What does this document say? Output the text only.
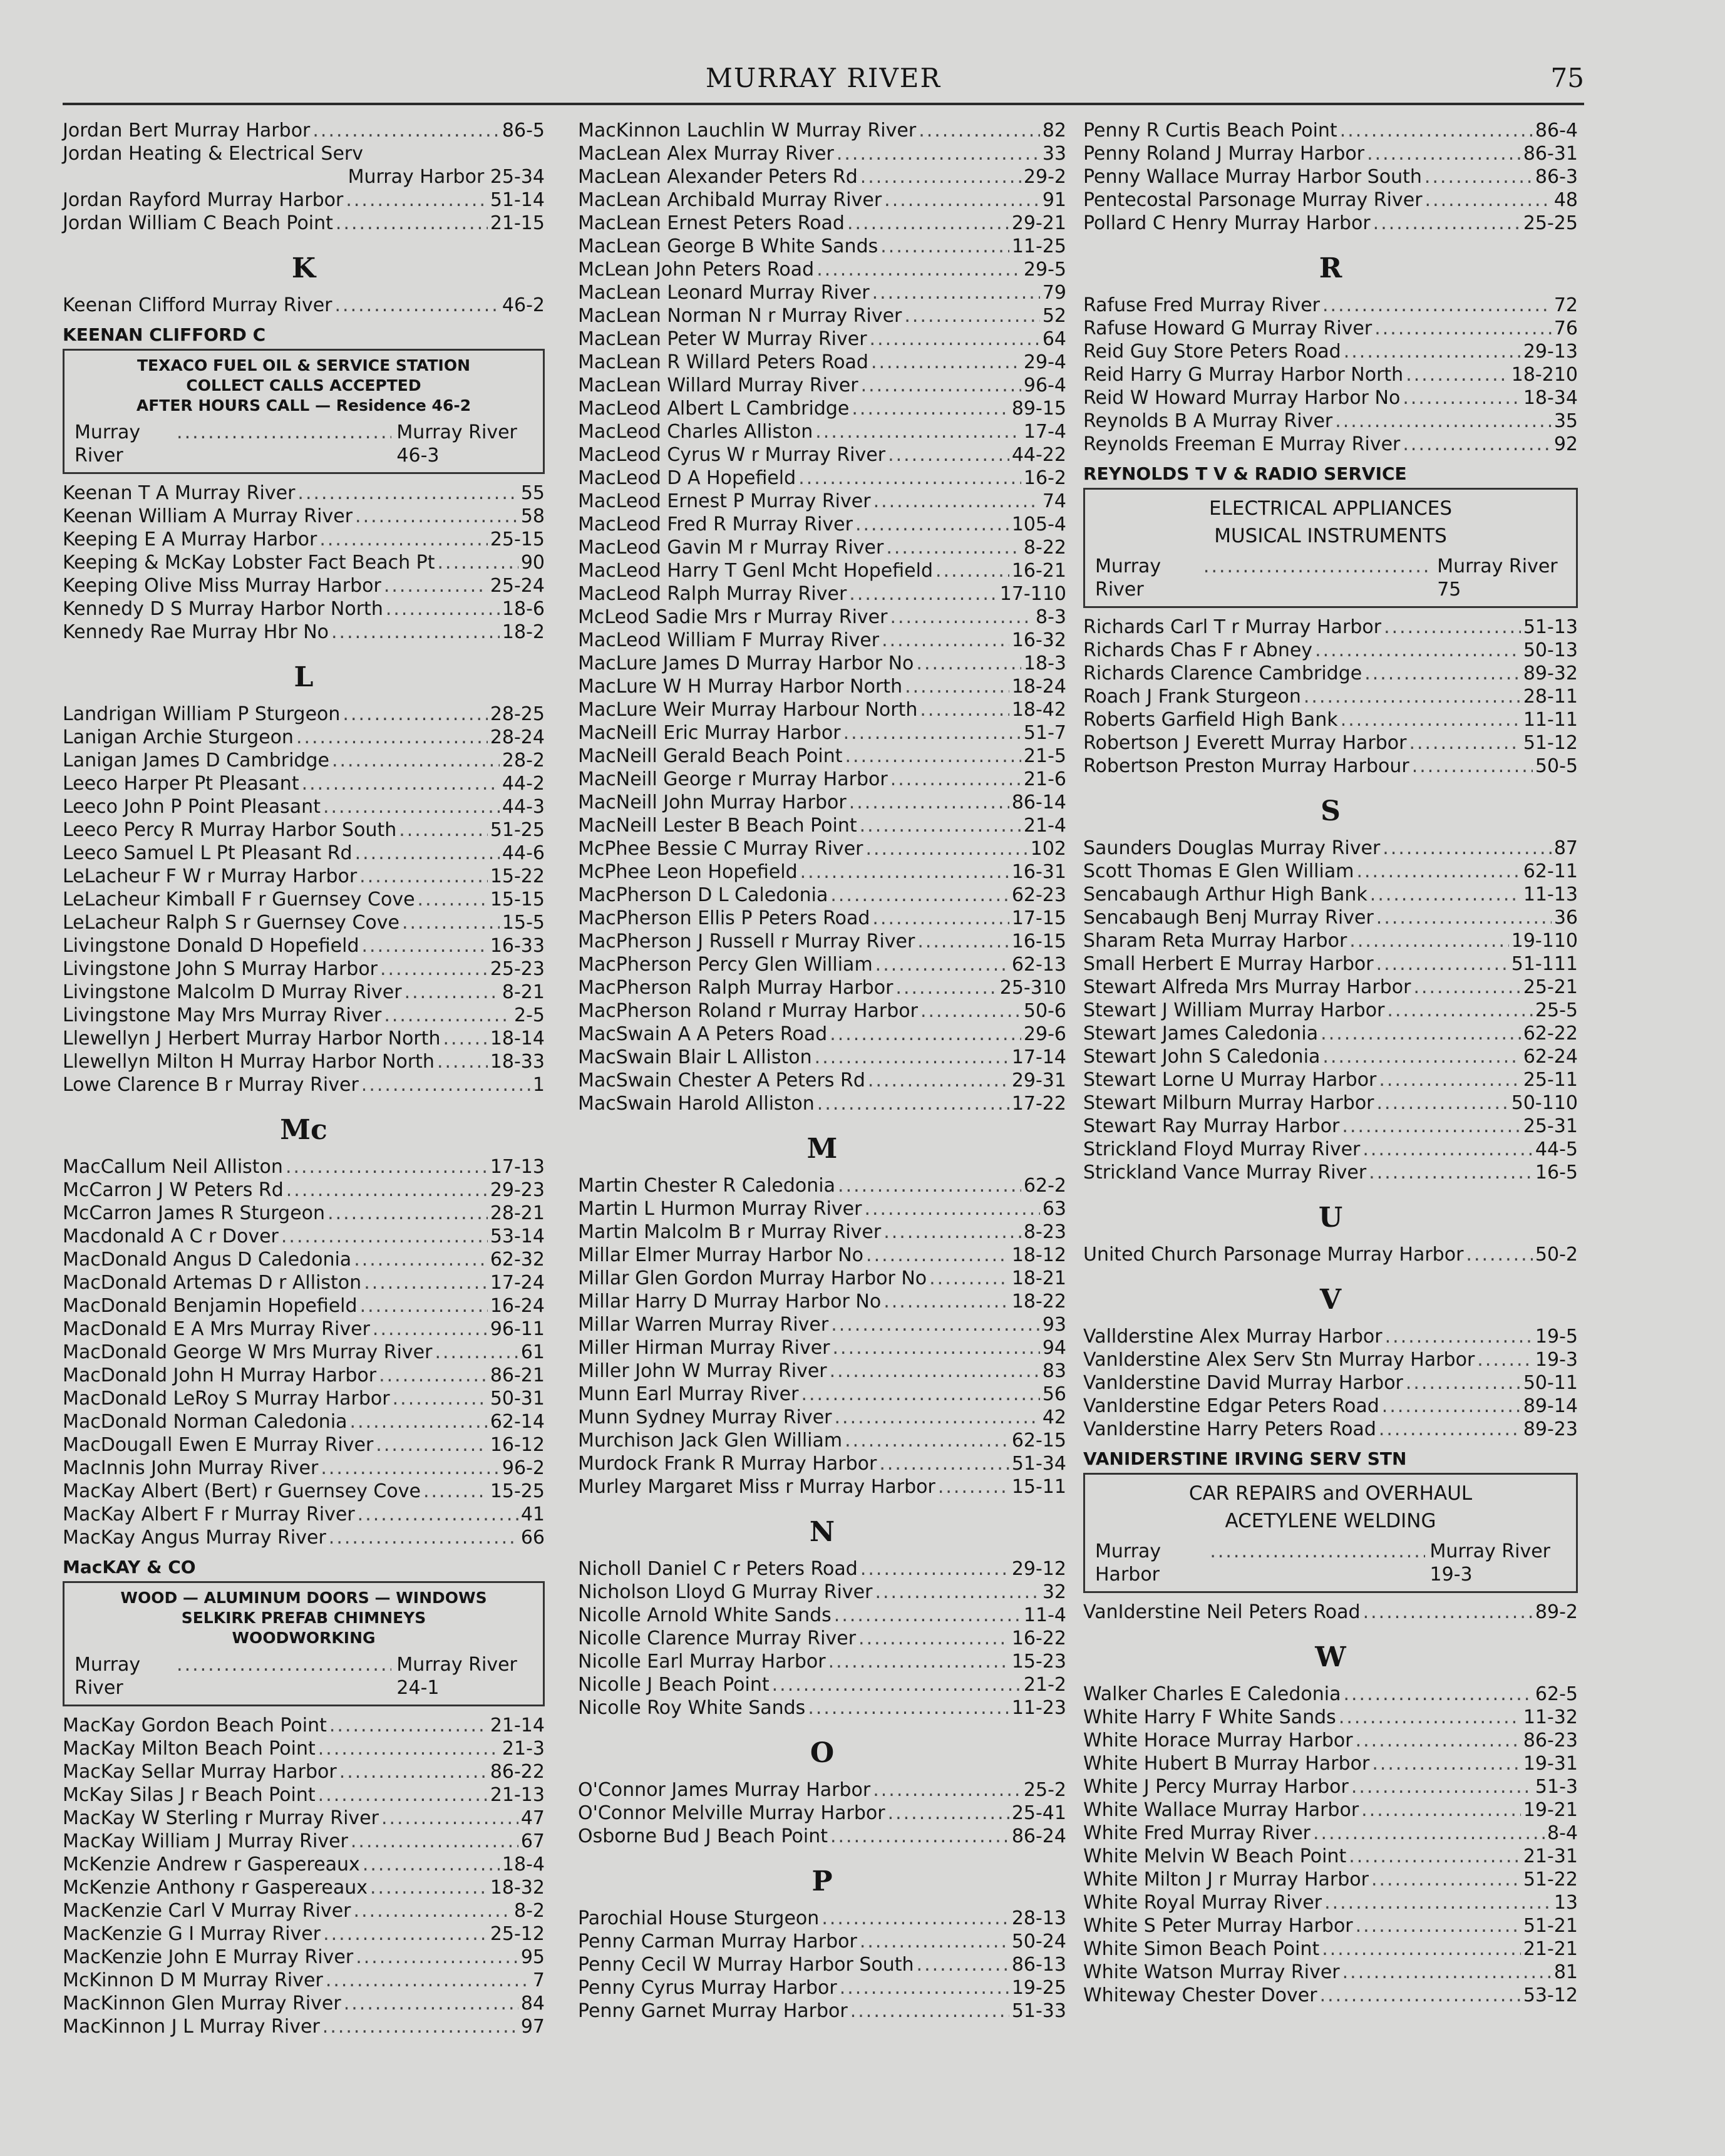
MURRAY RIVER	75
Jordan Bert Murray Harbor .....	86-5
Jordan Heating & Electrical Serv
Murray Harbor 25-34
Jordan Rayford Murray Harbor .....	51-14
Jordan William C Beach Point .....	21-15
K
Keenan Clifford Murray River .....	46-2
KEENAN CLIFFORD C
TEXACO FUEL OIL & SERVICE STATION
COLLECT CALLS ACCEPTED
AFTER HOURS CALL — Residence 46-2
Murray River
.....
Murray River 46-3
Keenan T A Murray River .....	55
Keenan William A Murray River .....	58
Keeping E A Murray Harbor .....	25-15
Keeping & McKay Lobster Fact Beach Pt .....	90
Keeping Olive Miss Murray Harbor .....	25-24
Kennedy D S Murray Harbor North .....	18-6
Kennedy Rae Murray Hbr No .....	18-2
L
Landrigan William P Sturgeon .....	28-25
Lanigan Archie Sturgeon .....	28-24
Lanigan James D Cambridge .....	28-2
Leeco Harper Pt Pleasant .....	44-2
Leeco John P Point Pleasant .....	44-3
Leeco Percy R Murray Harbor South .....	51-25
Leeco Samuel L Pt Pleasant Rd .....	44-6
LeLacheur F W r Murray Harbor .....	15-22
LeLacheur Kimball F r Guernsey Cove .....	15-15
LeLacheur Ralph S r Guernsey Cove .....	15-5
Livingstone Donald D Hopefield .....	16-33
Livingstone John S Murray Harbor .....	25-23
Livingstone Malcolm D Murray River .....	8-21
Livingstone May Mrs Murray River .....	2-5
Llewellyn J Herbert Murray Harbor North .....	18-14
Llewellyn Milton H Murray Harbor North .....	18-33
Lowe Clarence B r Murray River .....	1
Mc
MacCallum Neil Alliston .....	17-13
McCarron J W Peters Rd .....	29-23
McCarron James R Sturgeon .....	28-21
Macdonald A C r Dover .....	53-14
MacDonald Angus D Caledonia .....	62-32
MacDonald Artemas D r Alliston .....	17-24
MacDonald Benjamin Hopefield .....	16-24
MacDonald E A Mrs Murray River .....	96-11
MacDonald George W Mrs Murray River .....	61
MacDonald John H Murray Harbor .....	86-21
MacDonald LeRoy S Murray Harbor .....	50-31
MacDonald Norman Caledonia .....	62-14
MacDougall Ewen E Murray River .....	16-12
MacInnis John Murray River .....	96-2
MacKay Albert (Bert) r Guernsey Cove .....	15-25
MacKay Albert F r Murray River .....	41
MacKay Angus Murray River .....	66
MacKAY & CO
WOOD — ALUMINUM DOORS — WINDOWS
SELKIRK PREFAB CHIMNEYS
WOODWORKING
Murray River
.....
Murray River 24-1
MacKay Gordon Beach Point .....	21-14
MacKay Milton Beach Point .....	21-3
MacKay Sellar Murray Harbor .....	86-22
McKay Silas J r Beach Point .....	21-13
MacKay W Sterling r Murray River .....	47
MacKay William J Murray River .....	67
McKenzie Andrew r Gaspereaux .....	18-4
McKenzie Anthony r Gaspereaux .....	18-32
MacKenzie Carl V Murray River .....	8-2
MacKenzie G I Murray River .....	25-12
MacKenzie John E Murray River .....	95
McKinnon D M Murray River .....	7
MacKinnon Glen Murray River .....	84
MacKinnon J L Murray River .....	97
MacKinnon Lauchlin W Murray River .....	82
MacLean Alex Murray River .....	33
MacLean Alexander Peters Rd .....	29-2
MacLean Archibald Murray River .....	91
MacLean Ernest Peters Road .....	29-21
MacLean George B White Sands .....	11-25
McLean John Peters Road .....	29-5
MacLean Leonard Murray River .....	79
MacLean Norman N r Murray River .....	52
MacLean Peter W Murray River .....	64
MacLean R Willard Peters Road .....	29-4
MacLean Willard Murray River .....	96-4
MacLeod Albert L Cambridge .....	89-15
MacLeod Charles Alliston .....	17-4
MacLeod Cyrus W r Murray River .....	44-22
MacLeod D A Hopefield .....	16-2
MacLeod Ernest P Murray River .....	74
MacLeod Fred R Murray River .....	105-4
MacLeod Gavin M r Murray River .....	8-22
MacLeod Harry T Genl Mcht Hopefield .....	16-21
MacLeod Ralph Murray River .....	17-110
McLeod Sadie Mrs r Murray River .....	8-3
MacLeod William F Murray River .....	16-32
MacLure James D Murray Harbor No .....	18-3
MacLure W H Murray Harbor North .....	18-24
MacLure Weir Murray Harbour North .....	18-42
MacNeill Eric Murray Harbor .....	51-7
MacNeill Gerald Beach Point .....	21-5
MacNeill George r Murray Harbor .....	21-6
MacNeill John Murray Harbor .....	86-14
MacNeill Lester B Beach Point .....	21-4
McPhee Bessie C Murray River .....	102
McPhee Leon Hopefield .....	16-31
MacPherson D L Caledonia .....	62-23
MacPherson Ellis P Peters Road .....	17-15
MacPherson J Russell r Murray River .....	16-15
MacPherson Percy Glen William .....	62-13
MacPherson Ralph Murray Harbor .....	25-310
MacPherson Roland r Murray Harbor .....	50-6
MacSwain A A Peters Road .....	29-6
MacSwain Blair L Alliston .....	17-14
MacSwain Chester A Peters Rd .....	29-31
MacSwain Harold Alliston .....	17-22
M
Martin Chester R Caledonia .....	62-2
Martin L Hurmon Murray River .....	63
Martin Malcolm B r Murray River .....	8-23
Millar Elmer Murray Harbor No .....	18-12
Millar Glen Gordon Murray Harbor No .....	18-21
Millar Harry D Murray Harbor No .....	18-22
Millar Warren Murray River .....	93
Miller Hirman Murray River .....	94
Miller John W Murray River .....	83
Munn Earl Murray River .....	56
Munn Sydney Murray River .....	42
Murchison Jack Glen William .....	62-15
Murdock Frank R Murray Harbor .....	51-34
Murley Margaret Miss r Murray Harbor .....	15-11
N
Nicholl Daniel C r Peters Road .....	29-12
Nicholson Lloyd G Murray River .....	32
Nicolle Arnold White Sands .....	11-4
Nicolle Clarence Murray River .....	16-22
Nicolle Earl Murray Harbor .....	15-23
Nicolle J Beach Point .....	21-2
Nicolle Roy White Sands .....	11-23
O
O'Connor James Murray Harbor .....	25-2
O'Connor Melville Murray Harbor .....	25-41
Osborne Bud J Beach Point .....	86-24
P
Parochial House Sturgeon .....	28-13
Penny Carman Murray Harbor .....	50-24
Penny Cecil W Murray Harbor South .....	86-13
Penny Cyrus Murray Harbor .....	19-25
Penny Garnet Murray Harbor .....	51-33
Penny R Curtis Beach Point .....	86-4
Penny Roland J Murray Harbor .....	86-31
Penny Wallace Murray Harbor South .....	86-3
Pentecostal Parsonage Murray River .....	48
Pollard C Henry Murray Harbor .....	25-25
R
Rafuse Fred Murray River .....	72
Rafuse Howard G Murray River .....	76
Reid Guy Store Peters Road .....	29-13
Reid Harry G Murray Harbor North .....	18-210
Reid W Howard Murray Harbor No .....	18-34
Reynolds B A Murray River .....	35
Reynolds Freeman E Murray River .....	92
REYNOLDS T V & RADIO SERVICE
ELECTRICAL APPLIANCES
MUSICAL INSTRUMENTS
Murray River
.....
Murray River 75
Richards Carl T r Murray Harbor .....	51-13
Richards Chas F r Abney .....	50-13
Richards Clarence Cambridge .....	89-32
Roach J Frank Sturgeon .....	28-11
Roberts Garfield High Bank .....	11-11
Robertson J Everett Murray Harbor .....	51-12
Robertson Preston Murray Harbour .....	50-5
S
Saunders Douglas Murray River .....	87
Scott Thomas E Glen William .....	62-11
Sencabaugh Arthur High Bank .....	11-13
Sencabaugh Benj Murray River .....	36
Sharam Reta Murray Harbor .....	19-110
Small Herbert E Murray Harbor .....	51-111
Stewart Alfreda Mrs Murray Harbor .....	25-21
Stewart J William Murray Harbor .....	25-5
Stewart James Caledonia .....	62-22
Stewart John S Caledonia .....	62-24
Stewart Lorne U Murray Harbor .....	25-11
Stewart Milburn Murray Harbor .....	50-110
Stewart Ray Murray Harbor .....	25-31
Strickland Floyd Murray River .....	44-5
Strickland Vance Murray River .....	16-5
U
United Church Parsonage Murray Harbor .....	50-2
V
Vallderstine Alex Murray Harbor .....	19-5
VanIderstine Alex Serv Stn Murray Harbor .....	19-3
VanIderstine David Murray Harbor .....	50-11
VanIderstine Edgar Peters Road .....	89-14
VanIderstine Harry Peters Road .....	89-23
VANIDERSTINE IRVING SERV STN
CAR REPAIRS and OVERHAUL
ACETYLENE WELDING
Murray Harbor
.....
Murray River 19-3
VanIderstine Neil Peters Road .....	89-2
W
Walker Charles E Caledonia .....	62-5
White Harry F White Sands .....	11-32
White Horace Murray Harbor .....	86-23
White Hubert B Murray Harbor .....	19-31
White J Percy Murray Harbor .....	51-3
White Wallace Murray Harbor .....	19-21
White Fred Murray River .....	8-4
White Melvin W Beach Point .....	21-31
White Milton J r Murray Harbor .....	51-22
White Royal Murray River .....	13
White S Peter Murray Harbor .....	51-21
White Simon Beach Point .....	21-21
White Watson Murray River .....	81
Whiteway Chester Dover .....	53-12
